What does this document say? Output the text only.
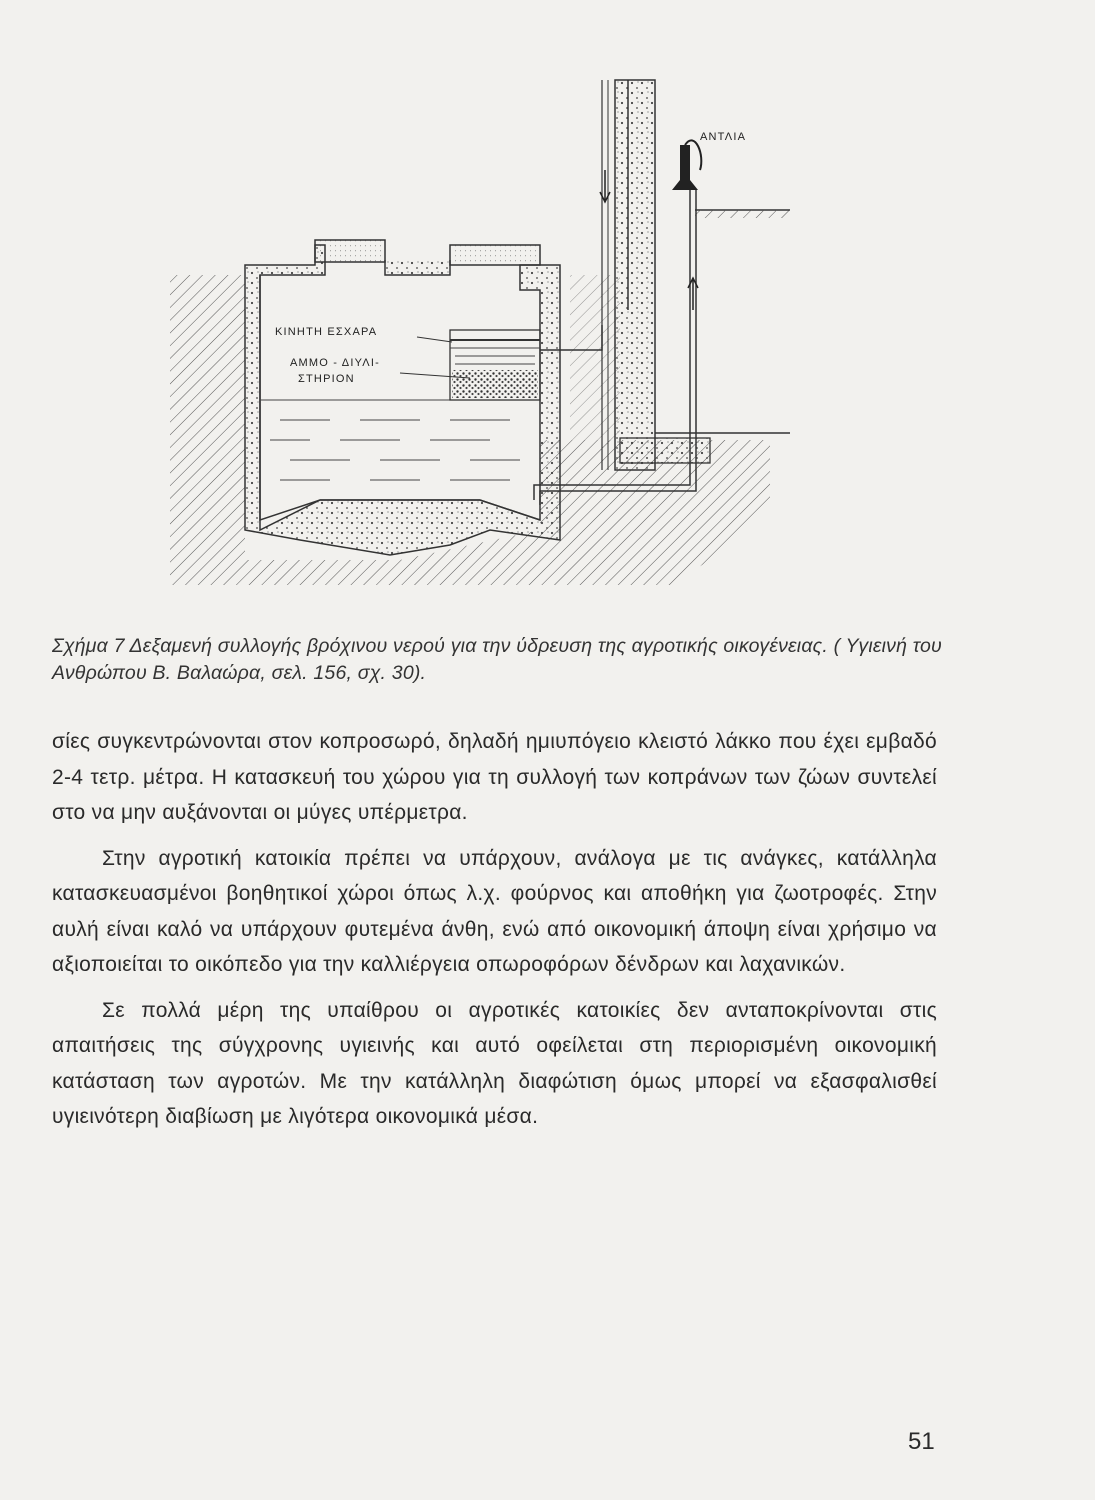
ΑΝΤΛΙΑ
ΚΙΝΗΤΗ ΕΣΧΑΡΑ
ΑΜΜΟ - ΔΙΥΛΙ-
ΣΤΗΡΙΟΝ
Σχήμα 7 Δεξαμενή συλλογής βρόχινου νερού για την ύδρευση της αγροτικής οικογένειας. ( Υγιεινή του Ανθρώπου Β. Βαλαώρα, σελ. 156, σχ. 30).

σίες συγκεντρώνονται στον κοπροσωρό, δηλαδή ημιυπόγειο κλειστό λάκκο που έχει εμβαδό 2-4 τετρ. μέτρα. Η κατασκευή του χώρου για τη συλλογή των κοπράνων των ζώων συντελεί στο να μην αυξάνονται οι μύγες υπέρμετρα.

Στην αγροτική κατοικία πρέπει να υπάρχουν, ανάλογα με τις ανάγκες, κατάλληλα κατασκευασμένοι βοηθητικοί χώροι όπως λ.χ. φούρνος και αποθήκη για ζωοτροφές. Στην αυλή είναι καλό να υπάρχουν φυτεμένα άνθη, ενώ από οικονομική άποψη είναι χρήσιμο να αξιοποιείται το οικόπεδο για την καλλιέργεια οπωροφόρων δένδρων και λαχανικών.

Σε πολλά μέρη της υπαίθρου οι αγροτικές κατοικίες δεν ανταποκρίνονται στις απαιτήσεις της σύγχρονης υγιεινής και αυτό οφείλεται στη περιορισμένη οικονομική κατάσταση των αγροτών. Με την κατάλληλη διαφώτιση όμως μπορεί να εξασφαλισθεί υγιεινότερη διαβίωση με λιγότερα οικονομικά μέσα.

51
